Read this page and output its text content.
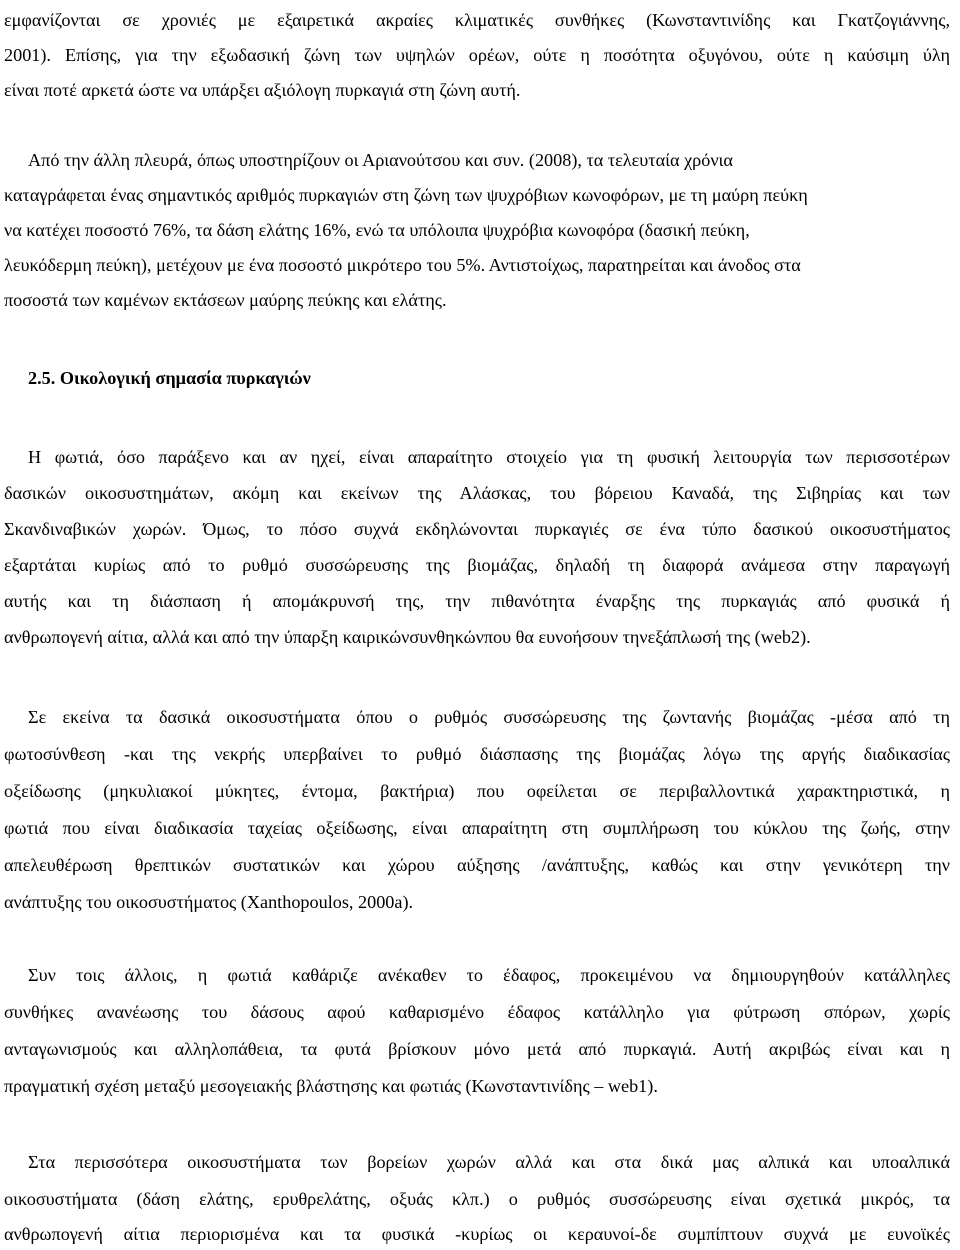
εμφανίζονται σε χρονιές με εξαιρετικά ακραίες κλιματικές συνθήκες (Κωνσταντινίδης και Γκατζογιάννης,

2001). Επίσης, για την εξωδασική ζώνη των υψηλών ορέων, ούτε η ποσότητα οξυγόνου, ούτε η καύσιμη ύλη

είναι ποτέ αρκετά ώστε να υπάρξει αξιόλογη πυρκαγιά στη ζώνη αυτή.

Από την άλλη πλευρά, όπως υποστηρίζουν οι Αριανούτσου και συν. (2008), τα τελευταία χρόνια

καταγράφεται ένας σημαντικός αριθμός πυρκαγιών στη ζώνη των ψυχρόβιων κωνοφόρων, με τη μαύρη πεύκη

να κατέχει ποσοστό 76%, τα δάση ελάτης 16%, ενώ τα υπόλοιπα ψυχρόβια κωνοφόρα (δασική πεύκη,

λευκόδερμη πεύκη), μετέχουν με ένα ποσοστό μικρότερο του 5%. Αντιστοίχως, παρατηρείται και άνοδος στα

ποσοστά των καμένων εκτάσεων μαύρης πεύκης και ελάτης.

2.5. Οικολογική σημασία πυρκαγιών

Η φωτιά, όσο παράξενο και αν ηχεί, είναι απαραίτητο στοιχείο για τη φυσική λειτουργία των περισσοτέρων

δασικών οικοσυστημάτων, ακόμη και εκείνων της Αλάσκας, του βόρειου Καναδά, της Σιβηρίας και των

Σκανδιναβικών χωρών. Όμως, το πόσο συχνά εκδηλώνονται πυρκαγιές σε ένα τύπο δασικού οικοσυστήματος

εξαρτάται κυρίως από το ρυθμό συσσώρευσης της βιομάζας, δηλαδή τη διαφορά ανάμεσα στην παραγωγή

αυτής και τη διάσπαση ή απομάκρυνσή της, την πιθανότητα έναρξης της πυρκαγιάς από φυσικά ή

ανθρωπογενή αίτια, αλλά και από την ύπαρξη καιρικώνσυνθηκώνπου θα ευνοήσουν τηνεξάπλωσή της (web2).

Σε εκείνα τα δασικά οικοσυστήματα όπου ο ρυθμός συσσώρευσης της ζωντανής βιομάζας -μέσα από τη

φωτοσύνθεση -και της νεκρής υπερβαίνει το ρυθμό διάσπασης της βιομάζας λόγω της αργής διαδικασίας

οξείδωσης (μηκυλιακοί μύκητες, έντομα, βακτήρια) που οφείλεται σε περιβαλλοντικά χαρακτηριστικά, η

φωτιά που είναι διαδικασία ταχείας οξείδωσης, είναι απαραίτητη στη συμπλήρωση του κύκλου της ζωής, στην

απελευθέρωση θρεπτικών συστατικών και χώρου αύξησης /ανάπτυξης, καθώς και στην γενικότερη την

ανάπτυξης του οικοσυστήματος (Xanthopoulos, 2000a).

Συν τοις άλλοις, η φωτιά καθάριζε ανέκαθεν το έδαφος, προκειμένου να δημιουργηθούν κατάλληλες

συνθήκες ανανέωσης του δάσους αφού καθαρισμένο έδαφος κατάλληλο για φύτρωση σπόρων, χωρίς

ανταγωνισμούς και αλληλοπάθεια, τα φυτά βρίσκουν μόνο μετά από πυρκαγιά. Αυτή ακριβώς είναι και η

πραγματική σχέση μεταξύ μεσογειακής βλάστησης και φωτιάς (Κωνσταντινίδης – web1).

Στα περισσότερα οικοσυστήματα των βορείων χωρών αλλά και στα δικά μας αλπικά και υποαλπικά

οικοσυστήματα (δάση ελάτης, ερυθρελάτης, οξυάς κλπ.) ο ρυθμός συσσώρευσης είναι σχετικά μικρός, τα

ανθρωπογενή αίτια περιορισμένα και τα φυσικά -κυρίως οι κεραυνοί-δε συμπίπτουν συχνά με ευνοϊκές
